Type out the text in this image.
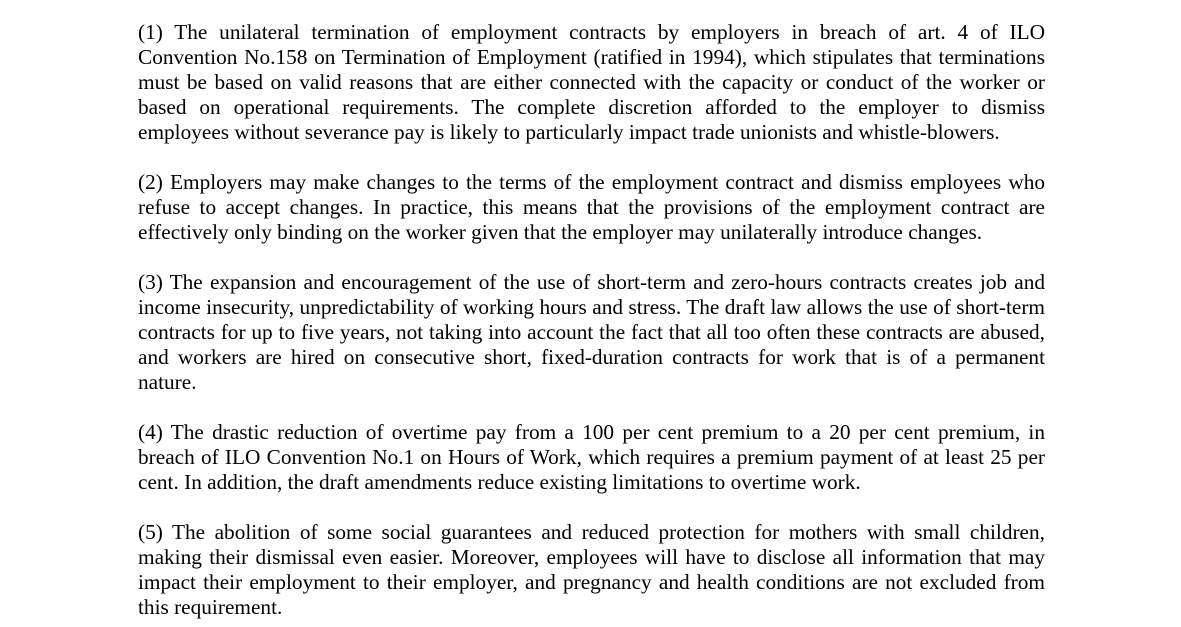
(1) The unilateral termination of employment contracts by employers in breach of art. 4 of ILO Convention No.158 on Termination of Employment (ratified in 1994), which stipulates that terminations must be based on valid reasons that are either connected with the capacity or conduct of the worker or based on operational requirements. The complete discretion afforded to the employer to dismiss employees without severance pay is likely to particularly impact trade unionists and whistle-blowers.

(2) Employers may make changes to the terms of the employment contract and dismiss employees who refuse to accept changes. In practice, this means that the provisions of the employment contract are effectively only binding on the worker given that the employer may unilaterally introduce changes.

(3) The expansion and encouragement of the use of short-term and zero-hours contracts creates job and income insecurity, unpredictability of working hours and stress. The draft law allows the use of short-term contracts for up to five years, not taking into account the fact that all too often these contracts are abused, and workers are hired on consecutive short, fixed-duration contracts for work that is of a permanent nature.

(4) The drastic reduction of overtime pay from a 100 per cent premium to a 20 per cent premium, in breach of ILO Convention No.1 on Hours of Work, which requires a premium payment of at least 25 per cent. In addition, the draft amendments reduce existing limitations to overtime work.

(5) The abolition of some social guarantees and reduced protection for mothers with small children, making their dismissal even easier. Moreover, employees will have to disclose all information that may impact their employment to their employer, and pregnancy and health conditions are not excluded from this requirement.
